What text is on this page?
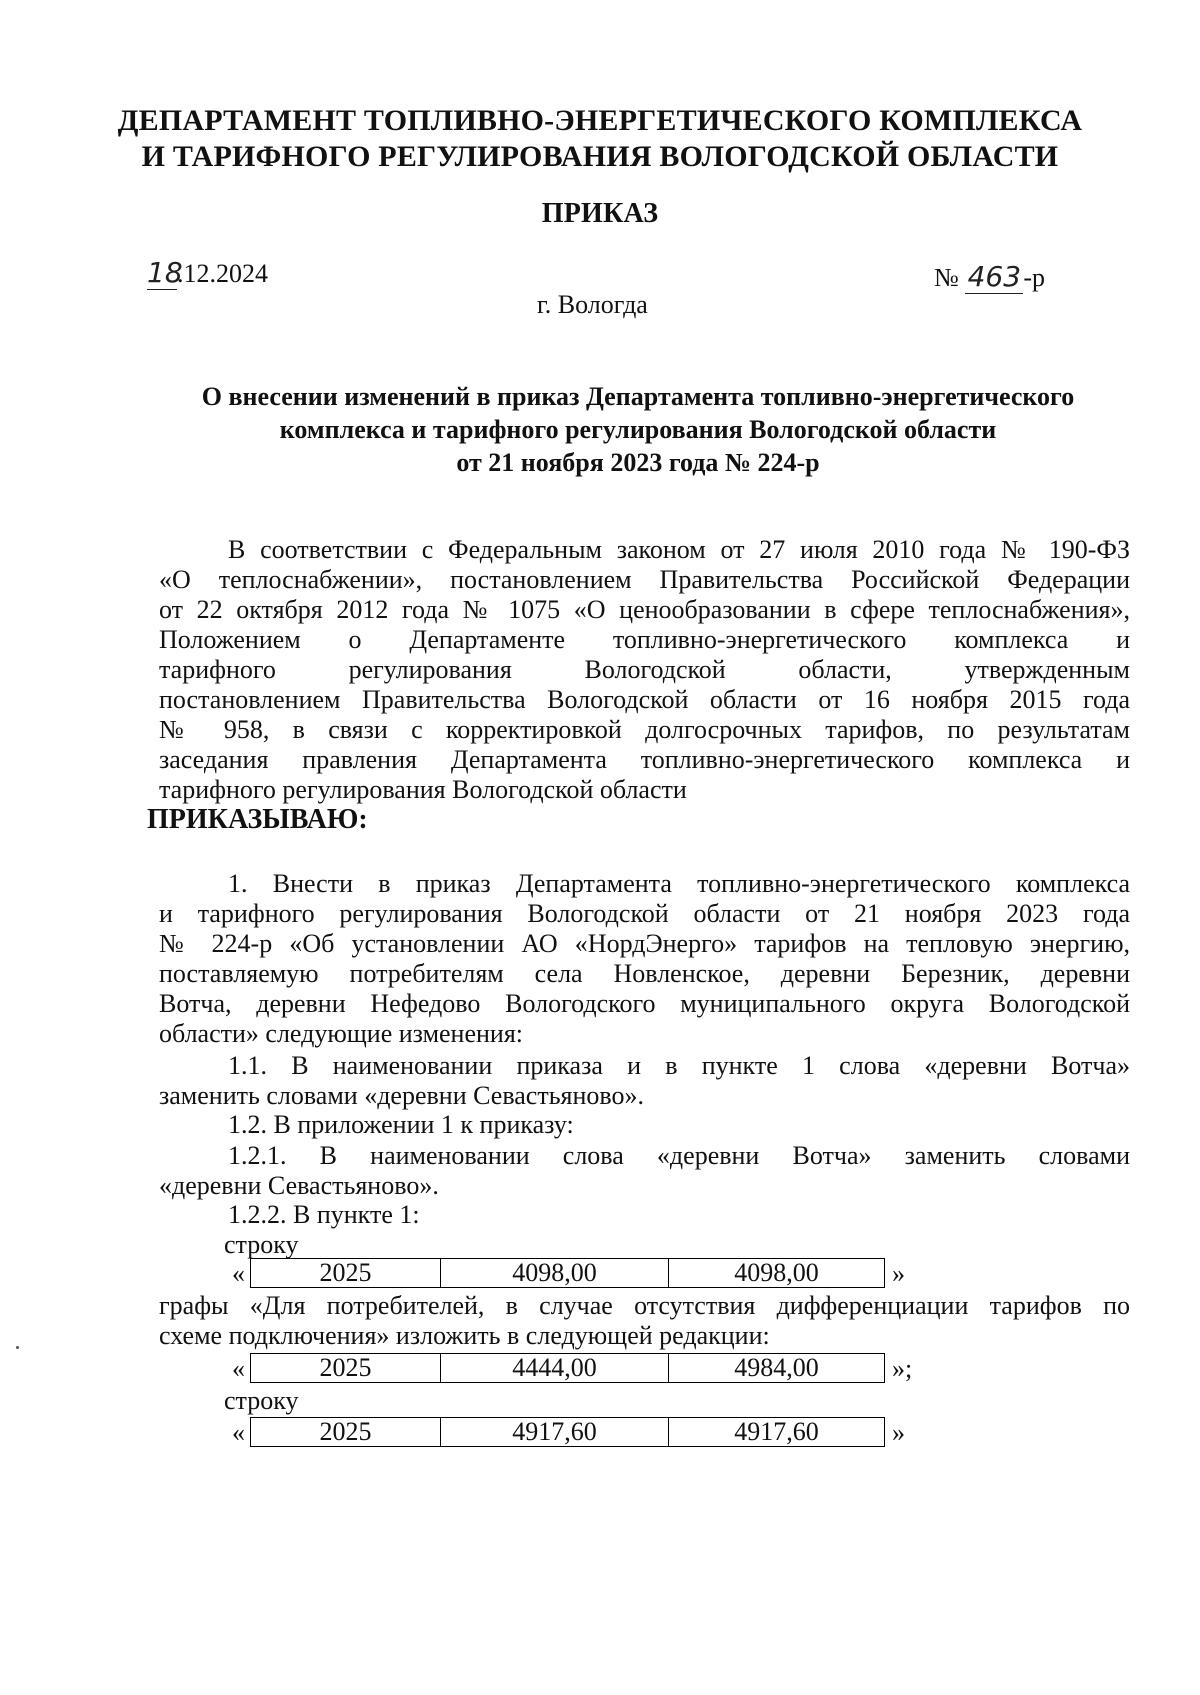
ДЕПАРТАМЕНТ ТОПЛИВНО-ЭНЕРГЕТИЧЕСКОГО КОМПЛЕКСА
И ТАРИФНОГО РЕГУЛИРОВАНИЯ ВОЛОГОДСКОЙ ОБЛАСТИ
ПРИКАЗ
18.12.2024	№ 463-р
г. Вологда
О внесении изменений в приказ Департамента топливно-энергетического
комплекса и тарифного регулирования Вологодской области
от 21 ноября 2023 года № 224-р
В соответствии с Федеральным законом от 27 июля 2010 года № 190-ФЗ
«О теплоснабжении», постановлением Правительства Российской Федерации
от 22 октября 2012 года № 1075 «О ценообразовании в сфере теплоснабжения»,
Положением о Департаменте топливно-энергетического комплекса и
тарифного регулирования Вологодской области, утвержденным
постановлением Правительства Вологодской области от 16 ноября 2015 года
№ 958, в связи с корректировкой долгосрочных тарифов, по результатам
заседания правления Департамента топливно-энергетического комплекса и
тарифного регулирования Вологодской области
ПРИКАЗЫВАЮ:
1. Внести в приказ Департамента топливно-энергетического комплекса
и тарифного регулирования Вологодской области от 21 ноября 2023 года
№ 224-р «Об установлении АО «НордЭнерго» тарифов на тепловую энергию,
поставляемую потребителям села Новленское, деревни Березник, деревни
Вотча, деревни Нефедово Вологодского муниципального округа Вологодской
области» следующие изменения:
1.1. В наименовании приказа и в пункте 1 слова «деревни Вотча»
заменить словами «деревни Севастьяново».
1.2. В приложении 1 к приказу:
1.2.1. В наименовании слова «деревни Вотча» заменить словами
«деревни Севастьяново».
1.2.2. В пункте 1:
строку
«	2025	4098,00	4098,00	»
графы «Для потребителей, в случае отсутствия дифференциации тарифов по
схеме подключения» изложить в следующей редакции:
«	2025	4444,00	4984,00	»;
строку
«	2025	4917,60	4917,60	»
